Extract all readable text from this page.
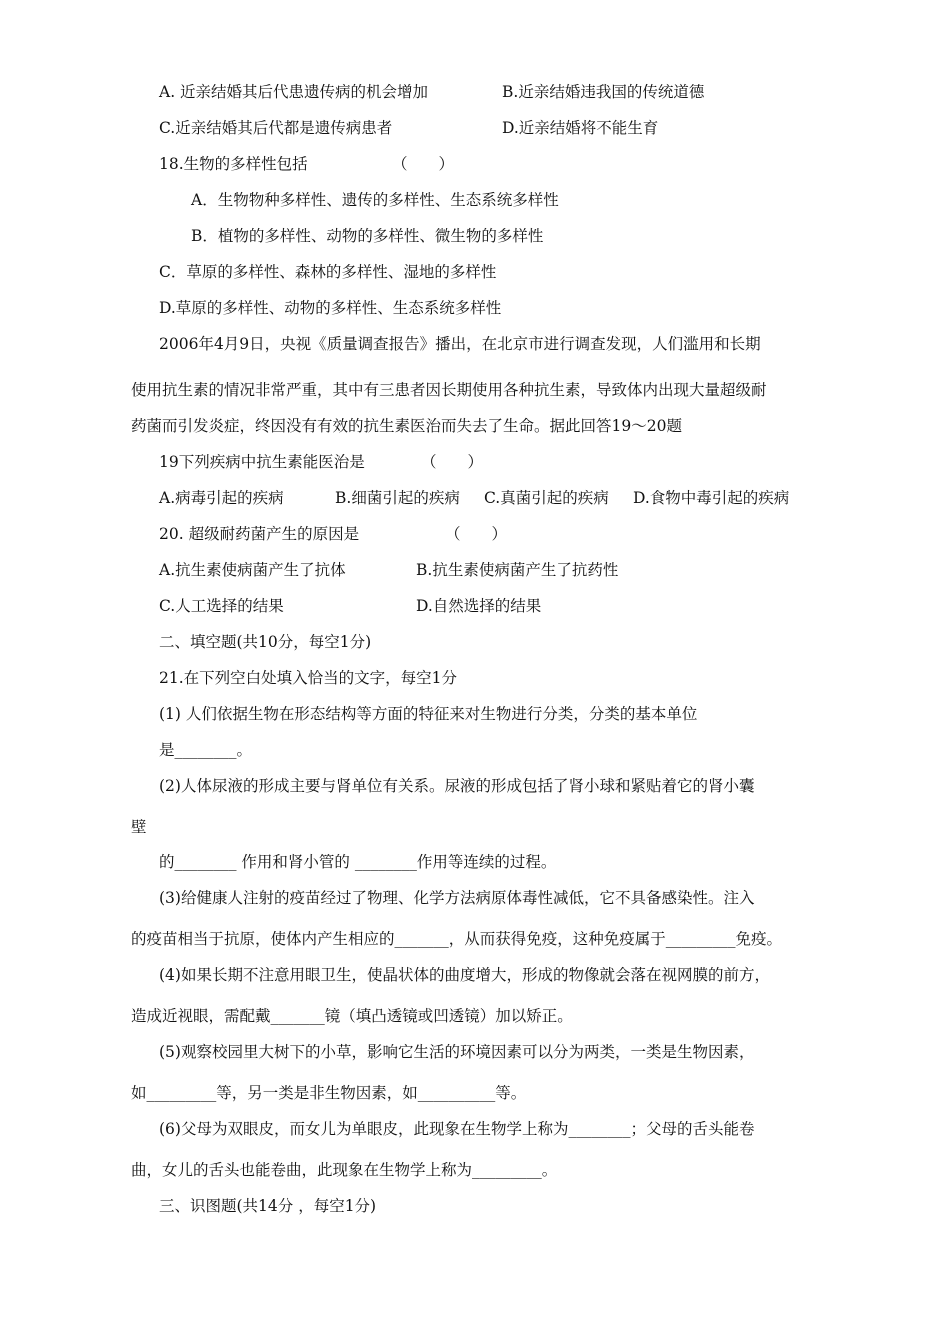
A. 近亲结婚其后代患遗传病的机会增加	B.近亲结婚违我国的传统道德
C.近亲结婚其后代都是遗传病患者	D.近亲结婚将不能生育
18.生物的多样性包括	（　　）
A．生物物种多样性、遗传的多样性、生态系统多样性
B．植物的多样性、动物的多样性、微生物的多样性
C．草原的多样性、森林的多样性、湿地的多样性
D.草原的多样性、动物的多样性、生态系统多样性
2006年4月9日，央视《质量调查报告》播出，在北京市进行调查发现，人们滥用和长期
使用抗生素的情况非常严重，其中有三患者因长期使用各种抗生素，导致体内出现大量超级耐
药菌而引发炎症，终因没有有效的抗生素医治而失去了生命。据此回答19～20题
19下列疾病中抗生素能医治是	（　　）
A.病毒引起的疾病	B.细菌引起的疾病 C.真菌引起的疾病 D.食物中毒引起的疾病
20. 超级耐药菌产生的原因是	（　　）
A.抗生素使病菌产生了抗体	B.抗生素使病菌产生了抗药性
C.人工选择的结果	D.自然选择的结果
二、填空题(共10分，每空1分)
21.在下列空白处填入恰当的文字，每空1分
(1) 人们依据生物在形态结构等方面的特征来对生物进行分类，分类的基本单位
是________。
(2)人体尿液的形成主要与肾单位有关系。尿液的形成包括了肾小球和紧贴着它的肾小囊
壁
的________ 作用和肾小管的 ________作用等连续的过程。
(3)给健康人注射的疫苗经过了物理、化学方法病原体毒性减低，它不具备感染性。注入
的疫苗相当于抗原，使体内产生相应的_______，从而获得免疫，这种免疫属于_________免疫。
(4)如果长期不注意用眼卫生，使晶状体的曲度增大，形成的物像就会落在视网膜的前方，
造成近视眼，需配戴_______镜（填凸透镜或凹透镜）加以矫正。
(5)观察校园里大树下的小草，影响它生活的环境因素可以分为两类，一类是生物因素，
如_________等，另一类是非生物因素，如__________等。
(6)父母为双眼皮，而女儿为单眼皮，此现象在生物学上称为________；父母的舌头能卷
曲，女儿的舌头也能卷曲，此现象在生物学上称为_________。
三、识图题(共14分 ，每空1分)
